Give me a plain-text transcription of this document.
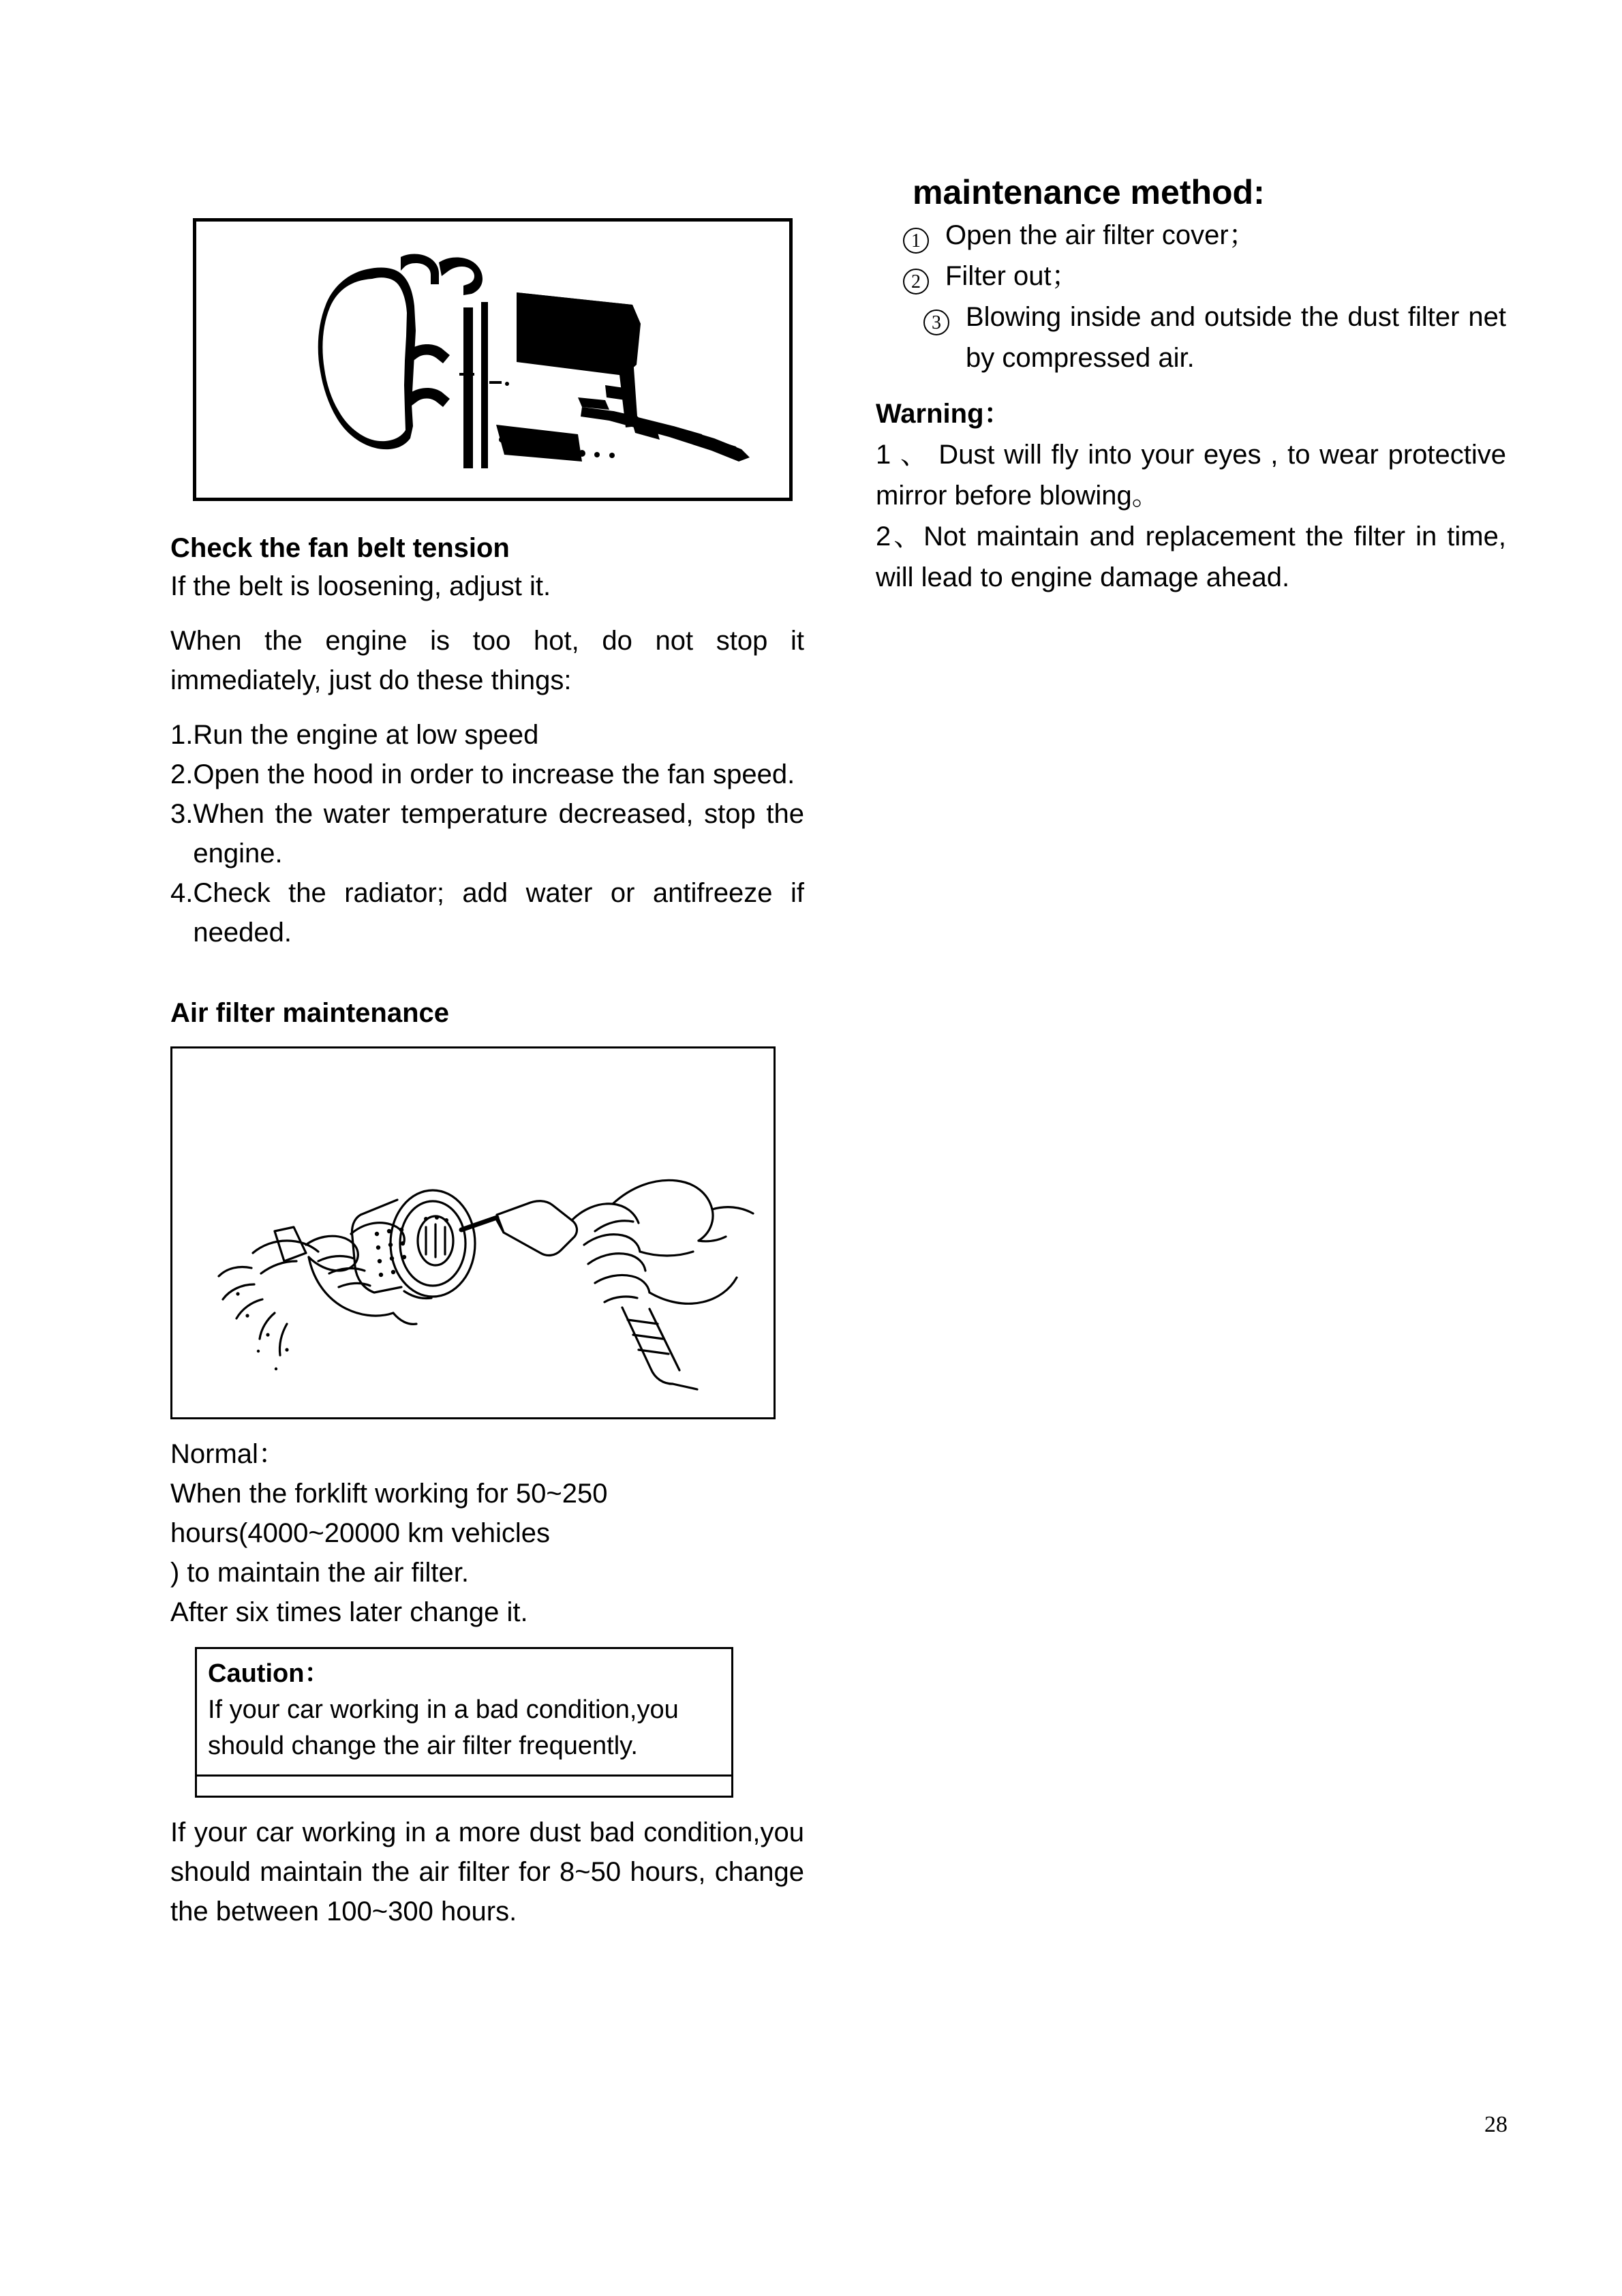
Check the fan belt tension

If the belt is loosening, adjust it.

When the engine is too hot, do not stop it immediately, just do these things:

1. Run the engine at low speed
2. Open the hood in order to increase the fan speed.
3. When the water temperature decreased, stop the engine.
4. Check the radiator; add water or antifreeze if needed.
Air filter maintenance

Normal：

When the forklift working for 50~250

hours(4000~20000 km vehicles

) to maintain the air filter.

After six times later change it.

Caution：
If your car working in a bad condition,you
should change the air filter frequently.

If your car working in a more dust bad condition,you should maintain the air filter for 8~50 hours, change the between 100~300 hours.

maintenance method:
1 Open the air filter cover；
2 Filter out；
3 Blowing inside and outside the dust filter net by compressed air.
Warning：

1 、 Dust will fly into your eyes , to wear protective mirror before blowing。

2、Not maintain and replacement the filter in time, will lead to engine damage ahead.

28
